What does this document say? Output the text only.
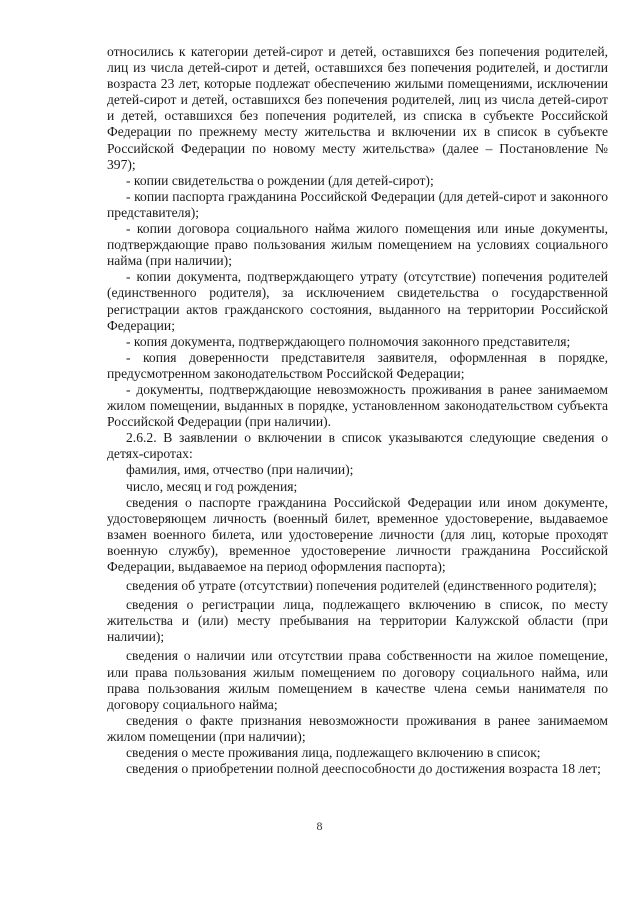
относились к категории детей-сирот и детей, оставшихся без попечения родителей, лиц из числа детей-сирот и детей, оставшихся без попечения родителей, и достигли возраста 23 лет, которые подлежат обеспечению жилыми помещениями, исключении детей-сирот и детей, оставшихся без попечения родителей, лиц из числа детей-сирот и детей, оставшихся без попечения родителей, из списка в субъекте Российской Федерации по прежнему месту жительства и включении их в список в субъекте Российской Федерации по новому месту жительства» (далее – Постановление № 397);

- копии свидетельства о рождении (для детей-сирот);

- копии паспорта гражданина Российской Федерации (для детей-сирот и законного представителя);

- копии договора социального найма жилого помещения или иные документы, подтверждающие право пользования жилым помещением на условиях социального найма (при наличии);

- копии документа, подтверждающего утрату (отсутствие) попечения родителей (единственного родителя), за исключением свидетельства о государственной регистрации актов гражданского состояния, выданного на территории Российской Федерации;

- копия документа, подтверждающего полномочия законного представителя;

- копия доверенности представителя заявителя, оформленная в порядке, предусмотренном законодательством Российской Федерации;

- документы, подтверждающие невозможность проживания в ранее занимаемом жилом помещении, выданных в порядке, установленном законодательством субъекта Российской Федерации (при наличии).

2.6.2. В заявлении о включении в список указываются следующие сведения о детях-сиротах:

фамилия, имя, отчество (при наличии);

число, месяц и год рождения;

сведения о паспорте гражданина Российской Федерации или ином документе, удостоверяющем личность (военный билет, временное удостоверение, выдаваемое взамен военного билета, или удостоверение личности (для лиц, которые проходят военную службу), временное удостоверение личности гражданина Российской Федерации, выдаваемое на период оформления паспорта);

сведения об утрате (отсутствии) попечения родителей (единственного родителя);

сведения о регистрации лица, подлежащего включению в список, по месту жительства и (или) месту пребывания на территории Калужской области (при наличии);

сведения о наличии или отсутствии права собственности на жилое помещение, или права пользования жилым помещением по договору социального найма, или права пользования жилым помещением в качестве члена семьи нанимателя по договору социального найма;

сведения о факте признания невозможности проживания в ранее занимаемом жилом помещении (при наличии);

сведения о месте проживания лица, подлежащего включению в список;

сведения о приобретении полной дееспособности до достижения возраста 18 лет;

8
